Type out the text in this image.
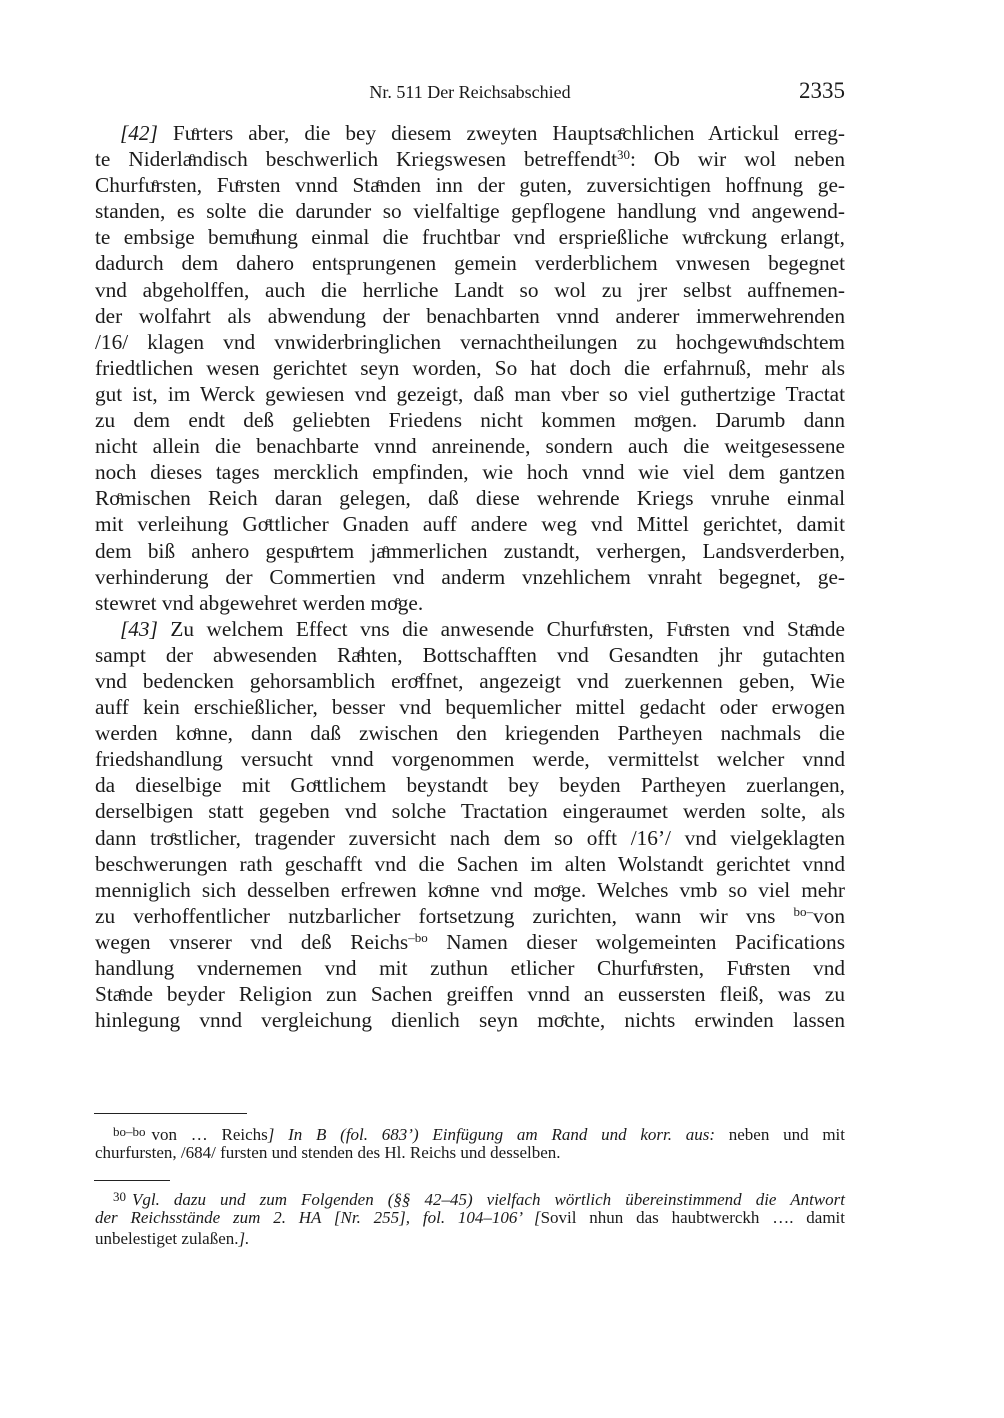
Nr. 511 Der Reichsabschied	2335
[42] Fuͤrters aber, die bey diesem zweyten Hauptsaͤchlichen Artickul erreg-
te Niderlaͤndisch beschwerlich Kriegswesen betreffendt$^{30}$: Ob wir wol neben
Churfuͤrsten, Fuͤrsten vnnd Staͤnden inn der guten, zuversichtigen hoffnung ge-
standen, es solte die darunder so vielfaltige gepflogene handlung vnd angewend-
te embsige bemuͤhung einmal die fruchtbar vnd ersprießliche wuͤrckung erlangt,
dadurch dem dahero entsprungenen gemein verderblichem vnwesen begegnet
vnd abgeholffen, auch die herrliche Landt so wol zu jrer selbst auffnemen-
der wolfahrt als abwendung der benachbarten vnnd anderer immerwehrenden
/16/ klagen vnd vnwiderbringlichen vernachtheilungen zu hochgewuͤndschtem
friedtlichen wesen gerichtet seyn worden, So hat doch die erfahrnuß, mehr als
gut ist, im Werck gewiesen vnd gezeigt, daß man vber so viel guthertzige Tractat
zu dem endt deß geliebten Friedens nicht kommen moͤgen. Darumb dann
nicht allein die benachbarte vnnd anreinende, sondern auch die weitgesessene
noch dieses tages mercklich empfinden, wie hoch vnnd wie viel dem gantzen
Roͤmischen Reich daran gelegen, daß diese wehrende Kriegs vnruhe einmal
mit verleihung Goͤttlicher Gnaden auff andere weg vnd Mittel gerichtet, damit
dem biß anhero gespuͤrtem jaͤmmerlichen zustandt, verhergen, Landsverderben,
verhinderung der Commertien vnd anderm vnzehlichem vnraht begegnet, ge-
stewret vnd abgewehret werden moͤge.
[43] Zu welchem Effect vns die anwesende Churfuͤrsten, Fuͤrsten vnd Staͤnde
sampt der abwesenden Raͤhten, Bottschafften vnd Gesandten jhr gutachten
vnd bedencken gehorsamblich eroͤffnet, angezeigt vnd zuerkennen geben, Wie
auff kein erschießlicher, besser vnd bequemlicher mittel gedacht oder erwogen
werden koͤnne, dann daß zwischen den kriegenden Partheyen nachmals die
friedshandlung versucht vnnd vorgenommen werde, vermittelst welcher vnnd
da dieselbige mit Goͤttlichem beystandt bey beyden Partheyen zuerlangen,
derselbigen statt gegeben vnd solche Tractation eingeraumet werden solte, als
dann troͤstlicher, tragender zuversicht nach dem so offt /16’/ vnd vielgeklagten
beschwerungen rath geschafft vnd die Sachen im alten Wolstandt gerichtet vnnd
menniglich sich desselben erfrewen koͤnne vnd moͤge. Welches vmb so viel mehr
zu verhoffentlicher nutzbarlicher fortsetzung zurichten, wann wir vns $^{bo-}$von
wegen vnserer vnd deß Reichs$^{-bo}$ Namen dieser wolgemeinten Pacifications
handlung vndernemen vnd mit zuthun etlicher Churfuͤrsten, Fuͤrsten vnd
Staͤnde beyder Religion zun Sachen greiffen vnnd an eussersten fleiß, was zu
hinlegung vnnd vergleichung dienlich seyn moͤchte, nichts erwinden lassen
$^{bo-bo}$ von … Reichs] In B (fol. 683’) Einfügung am Rand und korr. aus: neben und mit
churfursten, /684/ fursten und stenden des Hl. Reichs und desselben.
$^{30}$ Vgl. dazu und zum Folgenden (§§ 42–45) vielfach wörtlich übereinstimmend die Antwort
der Reichsstände zum 2. HA [Nr. 255], fol. 104–106’ [Sovil nhun das haubtwerckh …. damit
unbelestiget zulaßen.].
